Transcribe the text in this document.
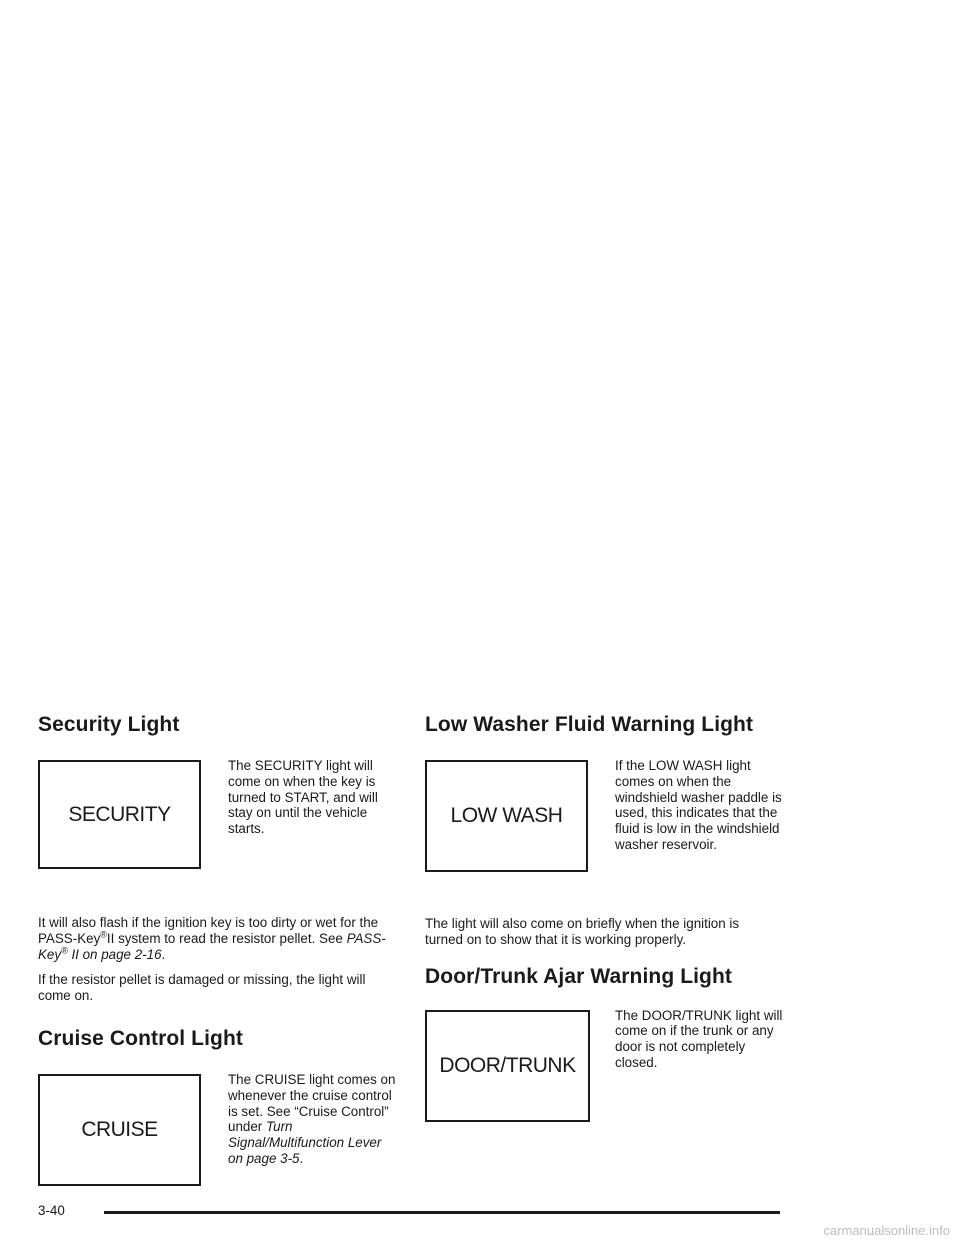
Security Light
SECURITY
The SECURITY light will come on when the key is turned to START, and will stay on until the vehicle starts.

It will also flash if the ignition key is too dirty or wet for the PASS-Key®II system to read the resistor pellet. See PASS-Key® II on page 2-16.

If the resistor pellet is damaged or missing, the light will come on.

Cruise Control Light
CRUISE
The CRUISE light comes on whenever the cruise control is set. See “Cruise Control” under Turn Signal/Multifunction Lever on page 3-5.
Low Washer Fluid Warning Light
LOW WASH
If the LOW WASH light comes on when the windshield washer paddle is used, this indicates that the fluid is low in the windshield washer reservoir.

The light will also come on briefly when the ignition is turned on to show that it is working properly.

Door/Trunk Ajar Warning Light
DOOR/TRUNK
The DOOR/TRUNK light will come on if the trunk or any door is not completely closed.
3-40
carmanualsonline.info
